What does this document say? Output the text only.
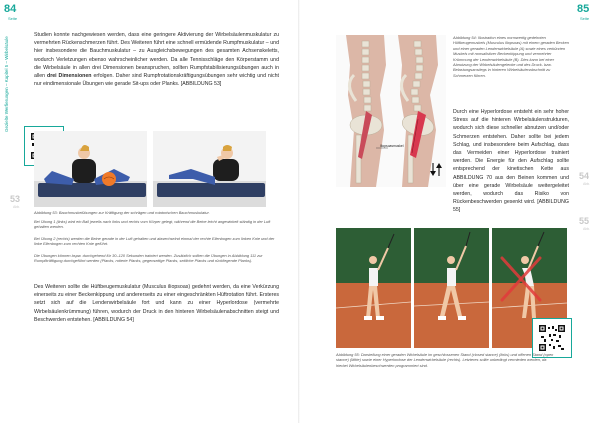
84
Seite
Gezielte Werfierungen – Kapitel 5 – Wirbelsäule
53
Abb.
Studien konnte nachgewiesen werden, dass eine geringere Aktivierung der Wirbelsäulenmuskulatur zu vermehrten Rückenschmerzen führt. Des Weiteren führt eine schnell ermüdende Rumpfmuskulatur – und hier insbesondere die Bauchmuskulatur – zu Ausgleichsbewegungen des gesamten Achsenskeletts, wodurch Verletzungen ebenso wahrscheinlicher werden. Da alle Tennisschläge den Körperstamm und die Wirbelsäule in allen drei Dimensionen beanspruchen, sollten Rumpfstabilisierungsübungen auch in allen drei Dimensionen erfolgen. Daher sind Rumpfrotationskräftigungsübungen sehr wichtig und nicht nur eindimensionale Übungen wie gerade Sit-ups oder Planks. [ABBILDUNG 53]
Abbildung 53: Bauchmuskelübungen zur Kräftigung der schrägen und rotatorischen Bauchmuskulatur.
Bei Übung 1 (links) wird ein Ball jeweils nach links und rechts vom Körper gelegt, während die Beine leicht angewinkelt ständig in der Luft gehalten werden.
Bei Übung 2 (rechts) werden die Beine gerade in der Luft gehalten und abwechselnd einmal der rechte Ellenbogen zum linken Knie und der linke Ellenbogen zum rechten Knie geführt.
Die Übungen können bspw. durchgehend für 30–120 Sekunden trainiert werden. Zusätzlich sollten die Übungen in Abbildung 111 zur Rumpfkräftigung durchgeführt werden (Planks, rotierte Planks, gegenseitige Planks, seitliche Planks und rückliegende Planks).
Des Weiteren sollte die Hüftbeugemuskulatur (Musculus iliopsoas) gedehnt werden, da eine Verkürzung einerseits zu einer Beckenkippung und andererseits zu einer eingeschränkten Hüftrotation führt. Ersteres setzt sich auf die Lendenwirbelsäule fort und kann zu einer Hyperlordose (vermehrte Wirbelsäulenkrümmung) führen, wodurch der Druck in den hinteren Wirbelsäulenabschnitten steigt und Beschwerden entstehen. [ABBILDUNG 54]
85
Seite
54
Abb.
55
Abb.
Iliopsoasmuskel
Abbildung 54: Illustration eines normwertig gedehnten Hüftbeugemuskels (Musculus iliopsoas) mit einem geraden Becken und einer geraden Lendenwirbelsäule (A) sowie eines verkürzten Muskels mit nonsalistiver Beckenkippung und vermehrter Krümmung der Lendenwirbelsäule (B). Dies kann bei einer Abnutzung der Wirbelsäulengelenke und des Druck- bzw. Belastungsanstiegs in hinteren Wirbelsäulenabschnitt zu Schmerzen führen.
Durch eine Hyperlordose entsteht ein sehr hoher Stress auf die hinteren Wirbelsäulenstrukturen, wodurch sich diese schneller abnutzen und/oder Schmerzen entstehen. Daher sollte bei jedem Schlag, und insbesondere beim Aufschlag, dass das Vermeiden einer Hyperlordose trainiert werden. Die Energie für den Aufschlag sollte entsprechend der kinetischen Kette aus ABBILDUNG 70 aus den Beinen kommen und über eine gerade Wirbelsäule weitergeleitet werden, wodurch das Risiko von Rückenbeschwerden gesenkt wird. [ABBILDUNG 55]
Abbildung 55: Darstellung einer geraden Wirbelsäule im geschlossenen Stand (closed stance) (links) und offenen Stand (open stance) (Mitte) sowie einer Hyperlordose der Lendenwirbelsäule (rechts). Letzteres sollte unbedingt vermieden werden, da hierbei Wirbelsäulenbeschwerden programmiert sind.
